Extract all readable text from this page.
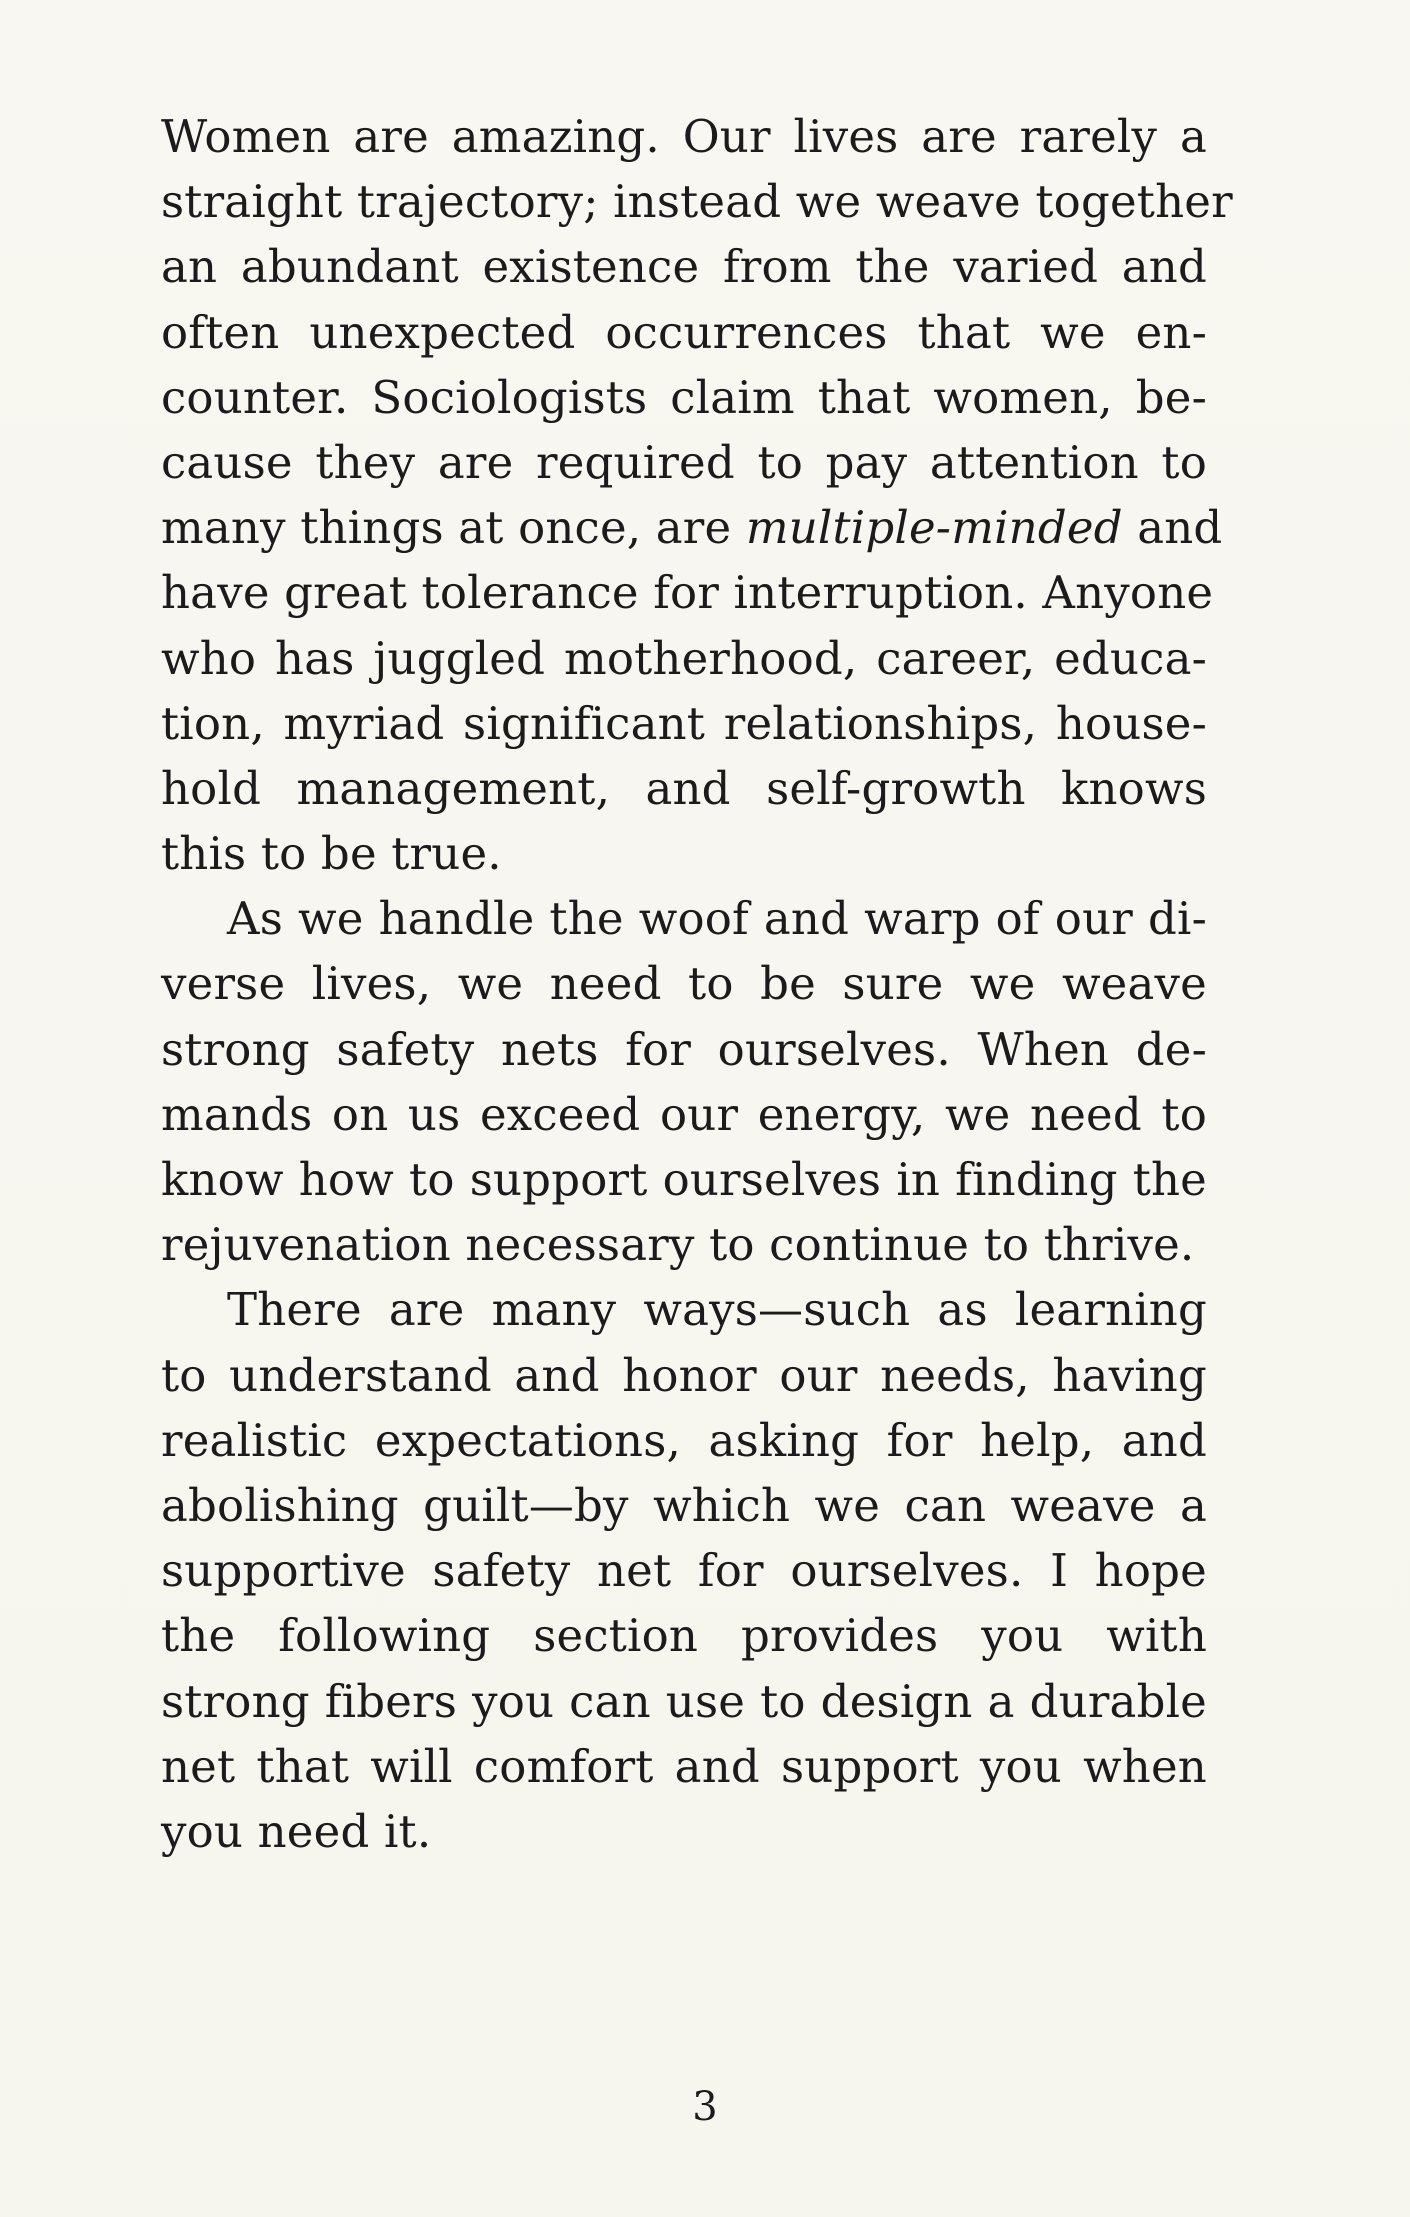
Women are amazing. Our lives are rarely a
straight trajectory; instead we weave together
an abundant existence from the varied and
often unexpected occurrences that we en-
counter. Sociologists claim that women, be-
cause they are required to pay attention to
many things at once, are multiple-minded and
have great tolerance for interruption. Anyone
who has juggled motherhood, career, educa-
tion, myriad significant relationships, house-
hold management, and self-growth knows
this to be true.

As we handle the woof and warp of our di-
verse lives, we need to be sure we weave
strong safety nets for ourselves. When de-
mands on us exceed our energy, we need to
know how to support ourselves in finding the
rejuvenation necessary to continue to thrive.

There are many ways—such as learning
to understand and honor our needs, having
realistic expectations, asking for help, and
abolishing guilt—by which we can weave a
supportive safety net for ourselves. I hope
the following section provides you with
strong fibers you can use to design a durable
net that will comfort and support you when
you need it.

3
